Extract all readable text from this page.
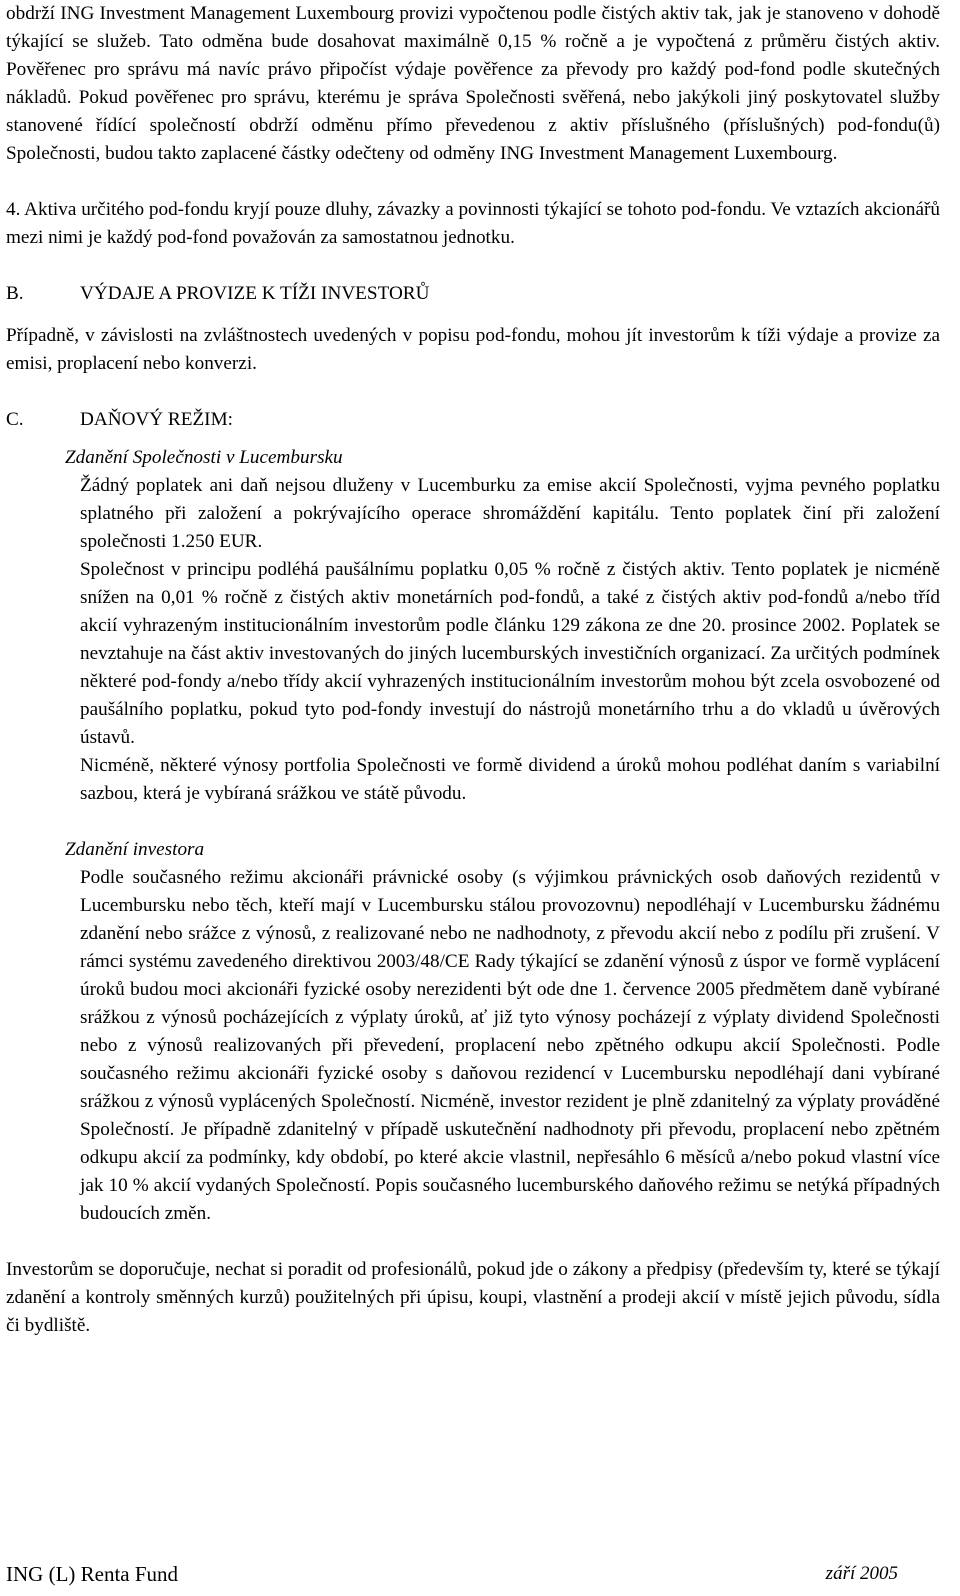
obdrží ING Investment Management Luxembourg provizi vypočtenou podle čistých aktiv tak, jak je stanoveno v dohodě týkající se služeb. Tato odměna bude dosahovat maximálně 0,15 % ročně a je vypočtená z průměru čistých aktiv. Pověřenec pro správu má navíc právo připočíst výdaje pověřence za převody pro každý pod-fond podle skutečných nákladů. Pokud pověřenec pro správu, kterému je správa Společnosti svěřená, nebo jakýkoli jiný poskytovatel služby stanovené řídící společností obdrží odměnu přímo převedenou z aktiv příslušného (příslušných) pod-fondu(ů) Společnosti, budou takto zaplacené částky odečteny od odměny ING Investment Management Luxembourg.

4. Aktiva určitého pod-fondu kryjí pouze dluhy, závazky a povinnosti týkající se tohoto pod-fondu. Ve vztazích akcionářů mezi nimi je každý pod-fond považován za samostatnou jednotku.

B.	VÝDAJE A PROVIZE K TÍŽI INVESTORŮ

Případně, v závislosti na zvláštnostech uvedených v popisu pod-fondu, mohou jít investorům k tíži výdaje a provize za emisi, proplacení nebo konverzi.

C.	DAŇOVÝ REŽIM:

Zdanění Společnosti v Lucembursku

Žádný poplatek ani daň nejsou dluženy v Lucemburku za emise akcií Společnosti, vyjma pevného poplatku splatného při založení a pokrývajícího operace shromáždění kapitálu. Tento poplatek činí při založení společnosti 1.250 EUR.

Společnost v principu podléhá paušálnímu poplatku 0,05 % ročně z čistých aktiv. Tento poplatek je nicméně snížen na 0,01 % ročně z čistých aktiv monetárních pod-fondů, a také z čistých aktiv pod-fondů a/nebo tříd akcií vyhrazeným institucionálním investorům podle článku 129 zákona ze dne 20. prosince 2002. Poplatek se nevztahuje na část aktiv investovaných do jiných lucemburských investičních organizací. Za určitých podmínek některé pod-fondy a/nebo třídy akcií vyhrazených institucionálním investorům mohou být zcela osvobozené od paušálního poplatku, pokud tyto pod-fondy investují do nástrojů monetárního trhu a do vkladů u úvěrových ústavů.

Nicméně, některé výnosy portfolia Společnosti ve formě dividend a úroků mohou podléhat daním s variabilní sazbou, která je vybíraná srážkou ve státě původu.

Zdanění investora

Podle současného režimu akcionáři právnické osoby (s výjimkou právnických osob daňových rezidentů v Lucembursku nebo těch, kteří mají v Lucembursku stálou provozovnu) nepodléhají v Lucembursku žádnému zdanění nebo srážce z výnosů, z realizované nebo ne nadhodnoty, z převodu akcií nebo z podílu při zrušení. V rámci systému zavedeného direktivou 2003/48/CE Rady týkající se zdanění výnosů z úspor ve formě vyplácení úroků budou moci akcionáři fyzické osoby nerezidenti být ode dne 1. července 2005 předmětem daně vybírané srážkou z výnosů pocházejících z výplaty úroků, ať již tyto výnosy pocházejí z výplaty dividend Společnosti nebo z výnosů realizovaných při převedení, proplacení nebo zpětného odkupu akcií Společnosti. Podle současného režimu akcionáři fyzické osoby s daňovou rezidencí v Lucembursku nepodléhají dani vybírané srážkou z výnosů vyplácených Společností. Nicméně, investor rezident je plně zdanitelný za výplaty prováděné Společností. Je případně zdanitelný v případě uskutečnění nadhodnoty při převodu, proplacení nebo zpětném odkupu akcií za podmínky, kdy období, po které akcie vlastnil, nepřesáhlo 6 měsíců a/nebo pokud vlastní více jak 10 % akcií vydaných Společností. Popis současného lucemburského daňového režimu se netýká případných budoucích změn.

Investorům se doporučuje, nechat si poradit od profesionálů, pokud jde o zákony a předpisy (především ty, které se týkají zdanění a kontroly směnných kurzů) použitelných při úpisu, koupi, vlastnění a prodeji akcií v místě jejich původu, sídla či bydliště.

ING (L) Renta Fund	září 2005
